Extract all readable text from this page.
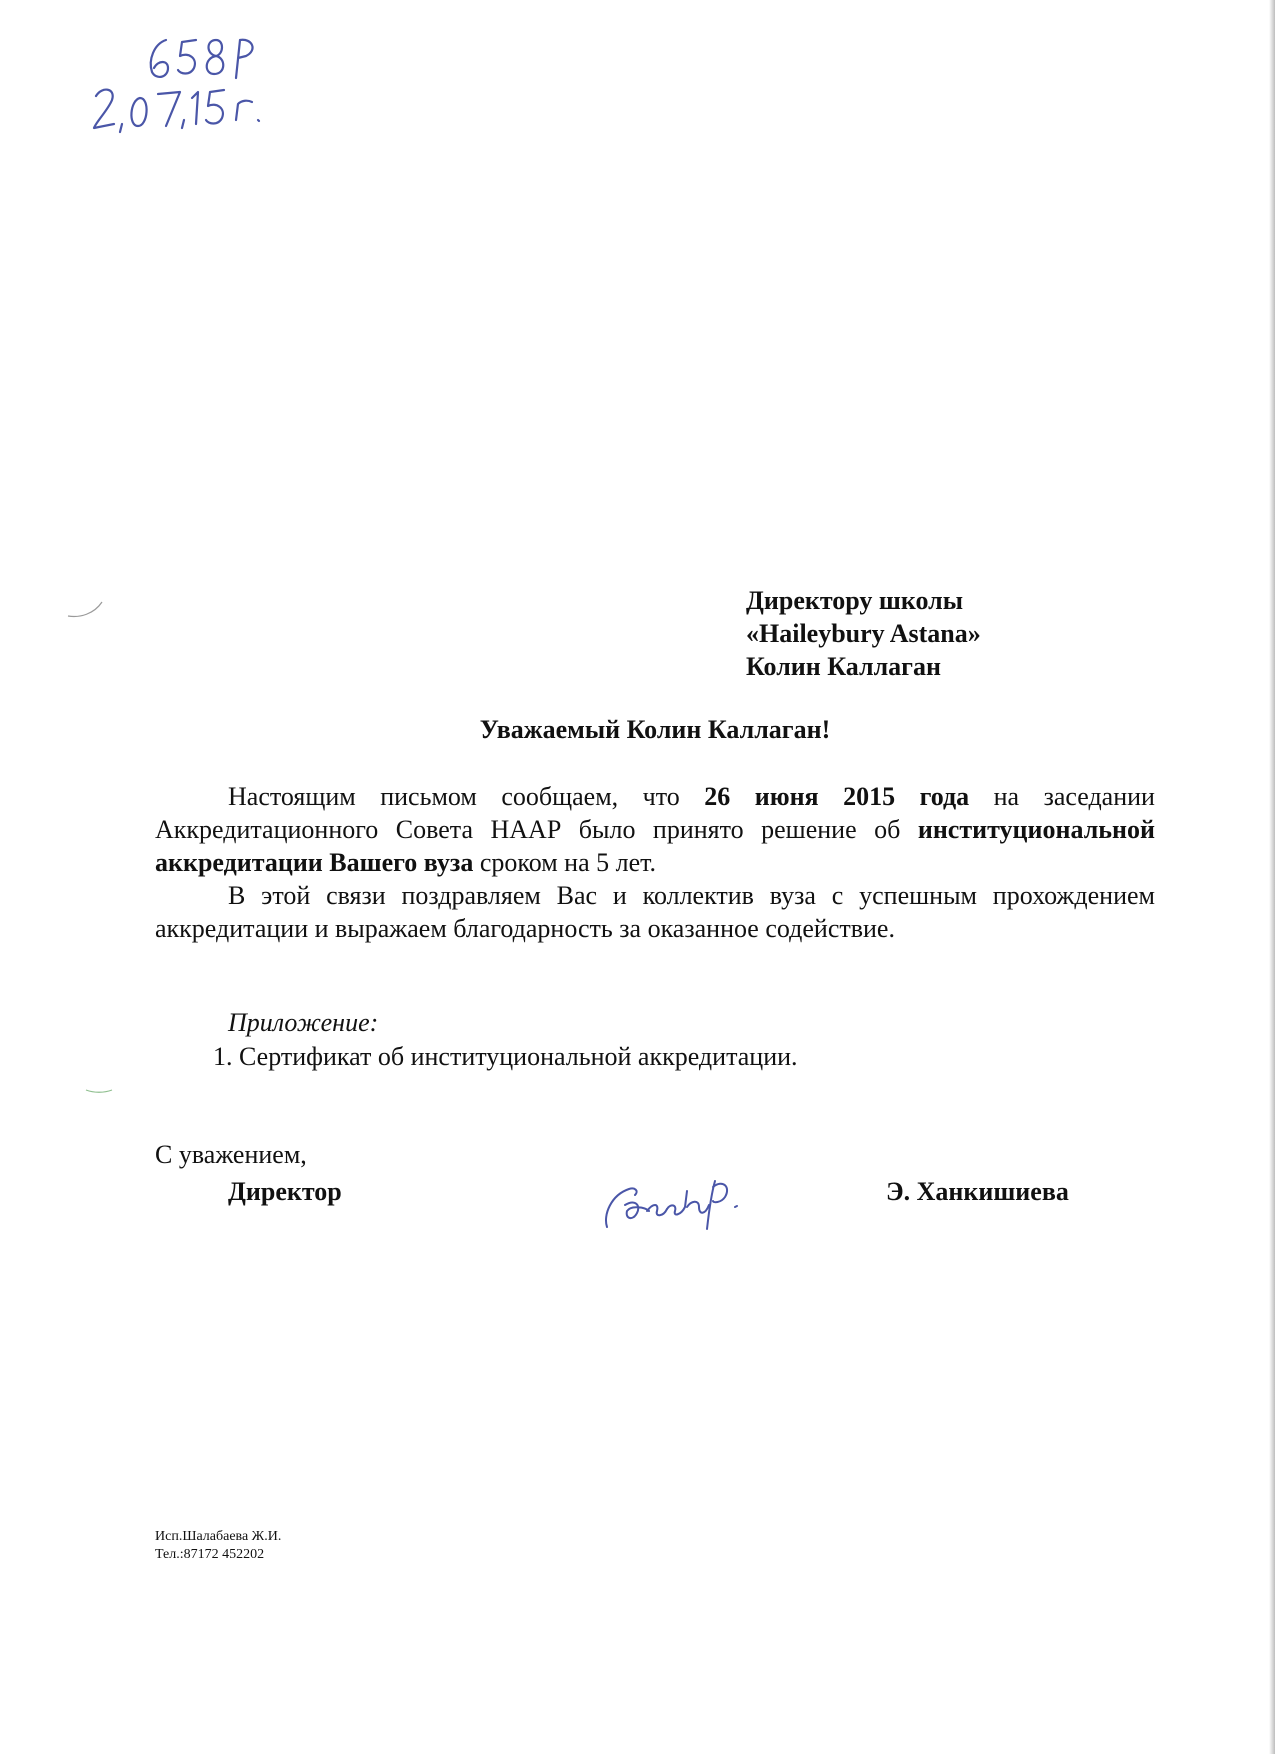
Директору школы
«Haileybury Astana»
Колин Каллаган
Уважаемый Колин Каллаган!

Настоящим письмом сообщаем, что 26 июня 2015 года на заседании Аккредитационного Совета НААР было принято решение об институциональной аккредитации Вашего вуза сроком на 5 лет.

В этой связи поздравляем Вас и коллектив вуза с успешным прохождением аккредитации и выражаем благодарность за оказанное содействие.

Приложение:
1. Сертификат об институциональной аккредитации.
С уважением,
Директор	Э. Ханкишиева
Исп.Шалабаева Ж.И.
Тел.:87172 452202
